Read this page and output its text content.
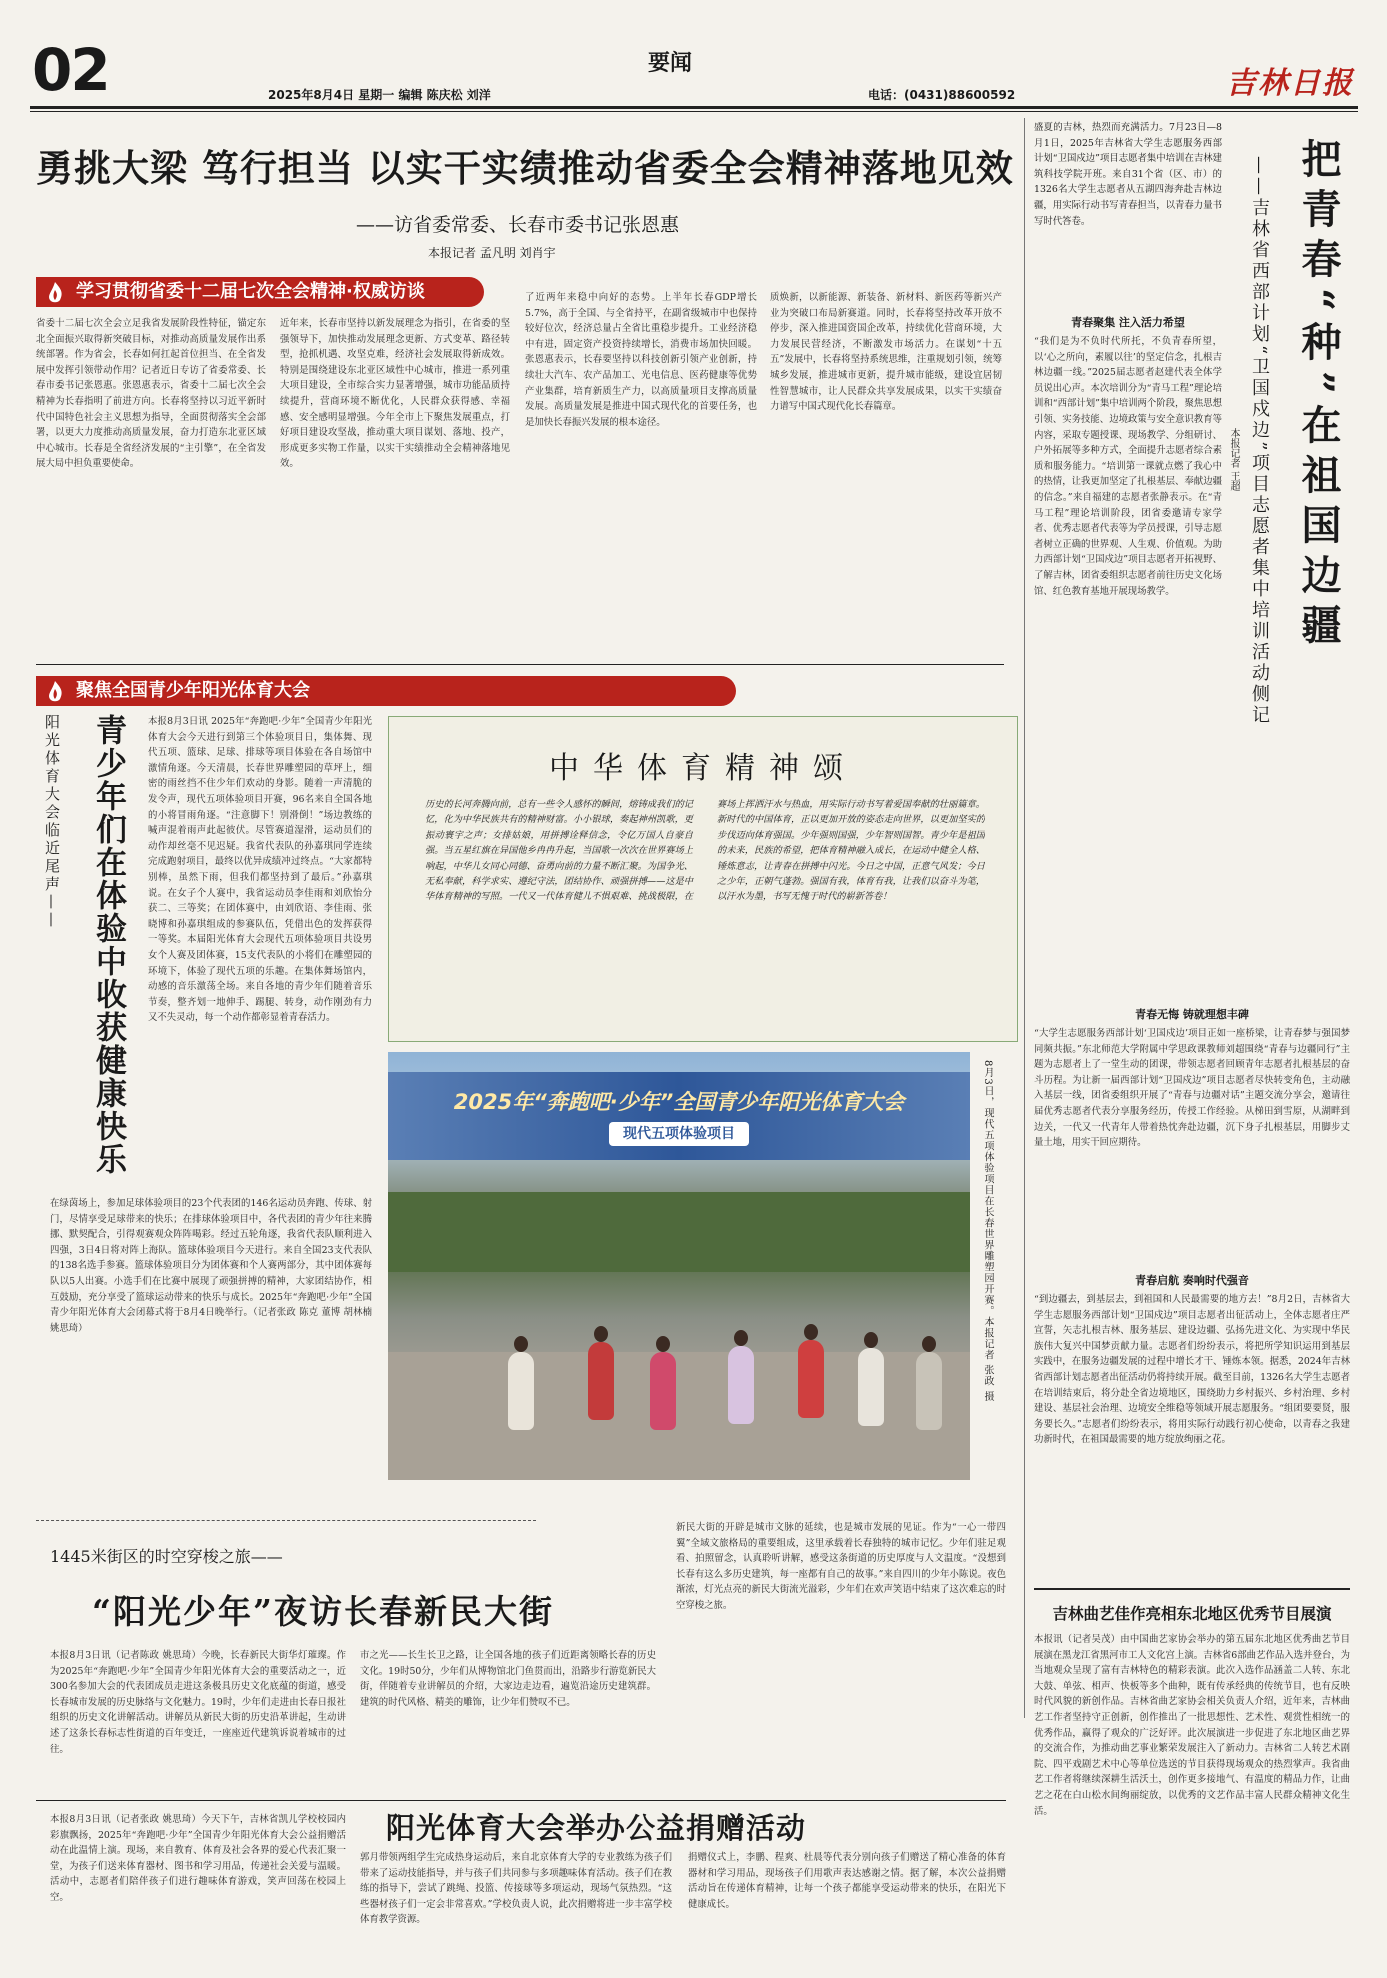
02	要闻
2025年8月4日 星期一 编辑 陈庆松 刘洋	电话：(0431)88600592	吉林日报
勇挑大梁 笃行担当 以实干实绩推动省委全会精神落地见效
——访省委常委、长春市委书记张恩惠
本报记者 孟凡明 刘肖宇
学习贯彻省委十二届七次全会精神·权威访谈
省委十二届七次全会立足我省发展阶段性特征，锚定东北全面振兴取得新突破目标，对推动高质量发展作出系统部署。作为省会，长春如何扛起首位担当、在全省发展中发挥引领带动作用？记者近日专访了省委常委、长春市委书记张恩惠。张恩惠表示，省委十二届七次全会精神为长春指明了前进方向。长春将坚持以习近平新时代中国特色社会主义思想为指导，全面贯彻落实全会部署，以更大力度推动高质量发展，奋力打造东北亚区域中心城市。长春是全省经济发展的“主引擎”，在全省发展大局中担负重要使命。
近年来，长春市坚持以新发展理念为指引，在省委的坚强领导下，加快推动发展理念更新、方式变革、路径转型，抢抓机遇、攻坚克难，经济社会发展取得新成效。特别是围绕建设东北亚区域性中心城市，推进一系列重大项目建设，全市综合实力显著增强，城市功能品质持续提升，营商环境不断优化，人民群众获得感、幸福感、安全感明显增强。今年全市上下聚焦发展重点，打好项目建设攻坚战，推动重大项目谋划、落地、投产，形成更多实物工作量，以实干实绩推动全会精神落地见效。
了近两年来稳中向好的态势。上半年长春GDP增长5.7%，高于全国、与全省持平，在副省级城市中也保持较好位次，经济总量占全省比重稳步提升。工业经济稳中有进，固定资产投资持续增长，消费市场加快回暖。张恩惠表示，长春要坚持以科技创新引领产业创新，持续壮大汽车、农产品加工、光电信息、医药健康等优势产业集群，培育新质生产力，以高质量项目支撑高质量发展。高质量发展是推进中国式现代化的首要任务，也是加快长春振兴发展的根本途径。
质焕新，以新能源、新装备、新材料、新医药等新兴产业为突破口布局新赛道。同时，长春将坚持改革开放不停步，深入推进国资国企改革，持续优化营商环境，大力发展民营经济，不断激发市场活力。在谋划“十五五”发展中，长春将坚持系统思维，注重规划引领，统筹城乡发展，推进城市更新，提升城市能级，建设宜居韧性智慧城市，让人民群众共享发展成果，以实干实绩奋力谱写中国式现代化长春篇章。
盛夏的吉林，热烈而充满活力。7月23日—8月1日，2025年吉林省大学生志愿服务西部计划“卫国戍边”项目志愿者集中培训在吉林建筑科技学院开班。来自31个省（区、市）的1326名大学生志愿者从五湖四海奔赴吉林边疆，用实际行动书写青春担当，以青春力量书写时代答卷。	把青春“种”在祖国边疆
——吉林省西部计划“卫国戍边”项目志愿者集中培训活动侧记
本报记者 王超
青春聚集 注入活力希望
“我们是为不负时代所托，不负青春所望，以‘心之所向，素履以往’的坚定信念，扎根吉林边疆一线。”2025届志愿者赵建代表全体学员说出心声。本次培训分为“青马工程”理论培训和“西部计划”集中培训两个阶段，聚焦思想引领、实务技能、边境政策与安全意识教育等内容，采取专题授课、现场教学、分组研讨、户外拓展等多种方式，全面提升志愿者综合素质和服务能力。“培训第一课就点燃了我心中的热情，让我更加坚定了扎根基层、奉献边疆的信念。”来自福建的志愿者张静表示。在“青马工程”理论培训阶段，团省委邀请专家学者、优秀志愿者代表等为学员授课，引导志愿者树立正确的世界观、人生观、价值观。为助力西部计划“卫国戍边”项目志愿者开拓视野、了解吉林，团省委组织志愿者前往历史文化场馆、红色教育基地开展现场教学。
青春无悔 铸就理想丰碑
“大学生志愿服务西部计划‘卫国戍边’项目正如一座桥梁，让青春梦与强国梦同频共振。”东北师范大学附属中学思政课教师刘超围绕“青春与边疆同行”主题为志愿者上了一堂生动的团课，带领志愿者回顾青年志愿者扎根基层的奋斗历程。为让新一届西部计划“卫国戍边”项目志愿者尽快转变角色，主动融入基层一线，团省委组织开展了“青春与边疆对话”主题交流分享会，邀请往届优秀志愿者代表分享服务经历，传授工作经验。从梯田到雪原，从湖畔到边关，一代又一代青年人带着热忱奔赴边疆，沉下身子扎根基层，用脚步丈量土地，用实干回应期待。
青春启航 奏响时代强音
“到边疆去，到基层去，到祖国和人民最需要的地方去！”8月2日，吉林省大学生志愿服务西部计划“卫国戍边”项目志愿者出征活动上，全体志愿者庄严宣誓，矢志扎根吉林、服务基层、建设边疆、弘扬先进文化、为实现中华民族伟大复兴中国梦贡献力量。志愿者们纷纷表示，将把所学知识运用到基层实践中，在服务边疆发展的过程中增长才干、锤炼本领。据悉，2024年吉林省西部计划志愿者出征活动仍将持续开展。截至目前，1326名大学生志愿者在培训结束后，将分赴全省边境地区，围绕助力乡村振兴、乡村治理、乡村建设、基层社会治理、边境安全维稳等领域开展志愿服务。“组团要要贤，服务要长久。”志愿者们纷纷表示，将用实际行动践行初心使命，以青春之我建功新时代，在祖国最需要的地方绽放绚丽之花。
吉林曲艺佳作亮相东北地区优秀节目展演
本报讯（记者吴茂）由中国曲艺家协会举办的第五届东北地区优秀曲艺节目展演在黑龙江省黑河市工人文化宫上演。吉林省6部曲艺作品入选并登台，为当地观众呈现了富有吉林特色的精彩表演。此次入选作品涵盖二人转、东北大鼓、单弦、相声、快板等多个曲种，既有传承经典的传统节目，也有反映时代风貌的新创作品。吉林省曲艺家协会相关负责人介绍，近年来，吉林曲艺工作者坚持守正创新，创作推出了一批思想性、艺术性、观赏性相统一的优秀作品，赢得了观众的广泛好评。此次展演进一步促进了东北地区曲艺界的交流合作，为推动曲艺事业繁荣发展注入了新动力。吉林省二人转艺术剧院、四平戏剧艺术中心等单位选送的节目获得现场观众的热烈掌声。我省曲艺工作者将继续深耕生活沃土，创作更多接地气、有温度的精品力作，让曲艺之花在白山松水间绚丽绽放，以优秀的文艺作品丰富人民群众精神文化生活。
聚焦全国青少年阳光体育大会
阳光体育大会临近尾声—— 青少年们在体验中收获健康快乐	本报8月3日讯 2025年“奔跑吧·少年”全国青少年阳光体育大会今天进行到第三个体验项目日，集体舞、现代五项、篮球、足球、排球等项目体验在各自场馆中激情角逐。今天清晨，长春世界雕塑园的草坪上，细密的雨丝挡不住少年们欢动的身影。随着一声清脆的发令声，现代五项体验项目开赛，96名来自全国各地的小将冒雨角逐。“注意脚下！别滑倒！”场边教练的喊声混着雨声此起彼伏。尽管赛道湿滑，运动员们的动作却丝毫不见迟疑。我省代表队的孙嘉琪同学连续完成跑射项目，最终以优异成绩冲过终点。“大家都特别棒，虽然下雨，但我们都坚持到了最后。”孙嘉琪说。在女子个人赛中，我省运动员李佳雨和刘欣怡分获二、三等奖；在团体赛中，由刘欣语、李佳雨、张晓博和孙嘉琪组成的参赛队伍，凭借出色的发挥获得一等奖。本届阳光体育大会现代五项体验项目共设男女个人赛及团体赛，15支代表队的小将们在雕塑园的环境下，体验了现代五项的乐趣。在集体舞场馆内，动感的音乐激荡全场。来自各地的青少年们随着音乐节奏，整齐划一地伸手、踢腿、转身，动作刚劲有力又不失灵动，每一个动作都彰显着青春活力。
在绿茵场上，参加足球体验项目的23个代表团的146名运动员奔跑、传球、射门，尽情享受足球带来的快乐；在排球体验项目中，各代表团的青少年往来腾挪、默契配合，引得观赛观众阵阵喝彩。经过五轮角逐，我省代表队顺利进入四强，3日4日将对阵上海队。篮球体验项目今天进行。来自全国23支代表队的138名选手参赛。篮球体验项目分为团体赛和个人赛两部分，其中团体赛每队以5人出赛。小选手们在比赛中展现了顽强拼搏的精神，大家团结协作，相互鼓励，充分享受了篮球运动带来的快乐与成长。2025年“奔跑吧·少年”全国青少年阳光体育大会闭幕式将于8月4日晚举行。（记者张政 陈克 董博 胡林楠 姚思琦）
中华体育精神颂
历史的长河奔腾向前，总有一些令人感怀的瞬间，熔铸成我们的记忆，化为中华民族共有的精神财富。小小银球，奏起神州凯歌，更振动寰宇之声；女排姑娘，用拼搏诠释信念，令亿万国人自豪自强。当五星红旗在异国他乡冉冉升起，当国歌一次次在世界赛场上响起，中华儿女同心同德、奋勇向前的力量不断汇聚。为国争光、无私奉献，科学求实、遵纪守法，团结协作、顽强拼搏——这是中华体育精神的写照。一代又一代体育健儿不惧艰难、挑战极限，在赛场上挥洒汗水与热血，用实际行动书写着爱国奉献的壮丽篇章。新时代的中国体育，正以更加开放的姿态走向世界，以更加坚实的步伐迈向体育强国。少年强则国强，少年智则国智。青少年是祖国的未来，民族的希望，把体育精神融入成长，在运动中健全人格、锤炼意志，让青春在拼搏中闪光。今日之中国，正意气风发；今日之少年，正朝气蓬勃。强国有我，体育有我，让我们以奋斗为笔，以汗水为墨，书写无愧于时代的崭新答卷！
2025年“奔跑吧·少年”全国青少年阳光体育大会
现代五项体验项目	8月3日，现代五项体验项目在长春世界雕塑园开赛。本报记者 张政 摄
1445米街区的时空穿梭之旅——
“阳光少年”夜访长春新民大街
本报8月3日讯（记者陈政 姚思琦）今晚，长春新民大街华灯璀璨。作为2025年“奔跑吧·少年”全国青少年阳光体育大会的重要活动之一，近300名参加大会的代表团成员走进这条极具历史文化底蕴的街道，感受长春城市发展的历史脉络与文化魅力。19时，少年们走进由长春日报社组织的历史文化讲解活动。讲解员从新民大街的历史沿革讲起，生动讲述了这条长春标志性街道的百年变迁，一座座近代建筑诉说着城市的过往。
市之光——长生长卫之路，让全国各地的孩子们近距离领略长春的历史文化。19时50分，少年们从博物馆北门鱼贯而出，沿路步行游览新民大街，伴随着专业讲解员的介绍，大家边走边看，遍览沿途历史建筑群。建筑的时代风格、精美的雕饰，让少年们赞叹不已。
新民大街的开辟是城市文脉的延续，也是城市发展的见证。作为“一心一带四翼”全域文旅格局的重要组成，这里承载着长春独特的城市记忆。少年们驻足观看、拍照留念，认真聆听讲解，感受这条街道的历史厚度与人文温度。“没想到长春有这么多历史建筑，每一座都有自己的故事。”来自四川的少年小陈说。夜色渐浓，灯光点亮的新民大街流光溢彩，少年们在欢声笑语中结束了这次难忘的时空穿梭之旅。
本报8月3日讯（记者张政 姚思琦）今天下午，吉林省凯儿学校校园内彩旗飘扬，2025年“奔跑吧·少年”全国青少年阳光体育大会公益捐赠活动在此温情上演。现场，来自教育、体育及社会各界的爱心代表汇聚一堂，为孩子们送来体育器材、图书和学习用品，传递社会关爱与温暖。活动中，志愿者们陪伴孩子们进行趣味体育游戏，笑声回荡在校园上空。
阳光体育大会举办公益捐赠活动
郭月带领两组学生完成热身运动后，来自北京体育大学的专业教练为孩子们带来了运动技能指导，并与孩子们共同参与多项趣味体育活动。孩子们在教练的指导下，尝试了跳绳、投篮、传接球等多项运动，现场气氛热烈。“这些器材孩子们一定会非常喜欢。”学校负责人说，此次捐赠将进一步丰富学校体育教学资源。
捐赠仪式上，李鹏、程爽、杜晨等代表分别向孩子们赠送了精心准备的体育器材和学习用品，现场孩子们用歌声表达感谢之情。据了解，本次公益捐赠活动旨在传递体育精神，让每一个孩子都能享受运动带来的快乐，在阳光下健康成长。
